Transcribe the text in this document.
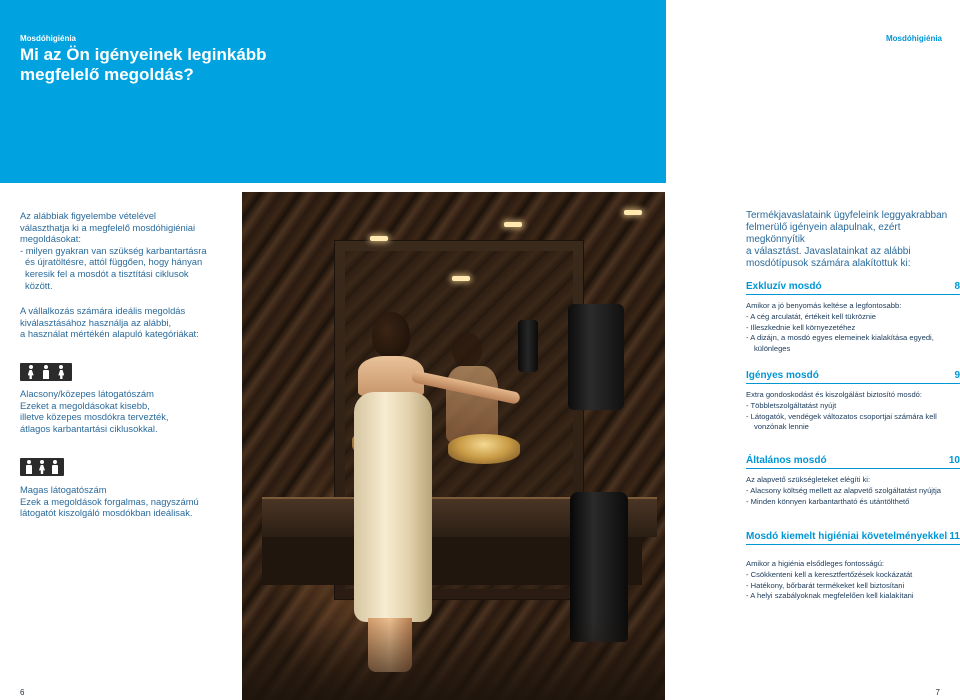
Mosdóhigiénia
Mi az Ön igényeinek leginkább megfelelő megoldás?
Mosdóhigiénia
Az alábbiak figyelembe vételével
választhatja ki a megfelelő mosdóhigiéniai
megoldásokat:
- milyen gyakran van szükség karbantartásra
és újratöltésre, attól függően, hogy hányan
keresik fel a mosdót a tisztítási ciklusok
között.
A vállalkozás számára ideális megoldás
kiválasztásához használja az alábbi,
a használat mértékén alapuló kategóriákat:
Alacsony/közepes látogatószám
Ezeket a megoldásokat kisebb,
illetve közepes mosdókra tervezték,
átlagos karbantartási ciklusokkal.
Magas látogatószám
Ezek a megoldások forgalmas, nagyszámú
látogatót kiszolgáló mosdókban ideálisak.
Termékjavaslataink ügyfeleink leggyakrabban
felmerülő igényein alapulnak, ezért megkönnyítik
a választást. Javaslatainkat az alábbi
mosdótípusok számára alakítottuk ki:
Exkluzív mosdó	8
Amikor a jó benyomás keltése a legfontosabb:
- A cég arculatát, értékeit kell tükröznie
- Illeszkednie kell környezetéhez
- A dizájn, a mosdó egyes elemeinek kialakítása egyedi,
különleges
Igényes mosdó	9
Extra gondoskodást és kiszolgálást biztosító mosdó:
- Többletszolgáltatást nyújt
- Látogatók, vendégek változatos csoportjai számára kell
vonzónak lennie
Általános mosdó	10
Az alapvető szükségleteket elégíti ki:
- Alacsony költség mellett az alapvető szolgáltatást nyújtja
- Minden könnyen karbantartható és utántölthető
Mosdó kiemelt higiéniai követelményekkel 11
Amikor a higiénia elsődleges fontosságú:
- Csökkenteni kell a keresztfertőzések kockázatát
- Hatékony, bőrbarát termékeket kell biztosítani
- A helyi szabályoknak megfelelően kell kialakítani
6	7
